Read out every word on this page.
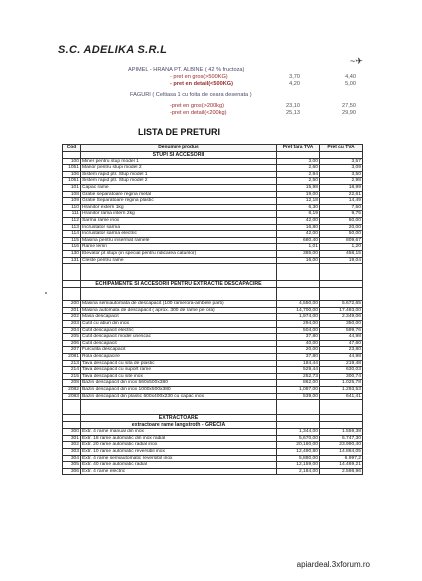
S.C. ADELIKA S.R.L
~✈
APIMEL - HRANA PT. ALBINE ( 42 % fructoza)
- pret en gros(>500KG)	3,70	4,40
- pret en detail(<500KG)	4,20	5,00
FAGURI ( Celtiasa 1 cu foita de ceara desenata )
-pret en gros(>200kg)	23,10	27,50
-pret en detail(<200kg)	25,13	29,90
LISTA DE PRETURI
Cod	Denumire produs	Pret fara TVA	Pret cu TVA
	STUPI SI ACCESORII		
100	Miner pentru stup model 1	3,00	3,57
1051	Manor pentru stupi model 2	2,60	3,09
106	Sistem rapid ptr. Stup model 1	2,94	3,50
1051	Sistem rapid ptr. Stup model 2	2,50	2,98
101	Capac rame	15,98	18,99
108	Gratie separatoare regina metal	19,00	22,61
109	Gratie Separatoare regina plastic	12,18	14,49
110	Hranitor extern 1kg	6,30	7,50
111	Hranitor rama intern 2kg	8,19	9,75
112	Sarma rame inox	42,00	50,00
113	Incrustator sarma	16,80	20,00
114	Incrustator sarma electric	42,00	50,00
115	Masina pentru insermat ramele	680,40	809,67
116	Rame lemn	1,01	1,20
130	Elevator pt stupi (in special pentru ridicarea caturilor)	385,00	458,15
131	Cleste pentru rame	16,00	19,04

	ECHIPAMENTE SI ACCESORII PENTRU EXTRACTIE DESCAPACIRE		

200	Masina semiautomata de descapacit (100 rame/ora-ambele parti)	4,550,00	5.672,65
201	Masina automata de descapacit ( aprox. 300 de rame pe ora)	14,700,00	17.493,00
202	Masa descapacit	1,974,00	2.349,06
203	Cutit cu aburi din inox	294,00	350,00
204	Cutit descapacit electric	504,00	599,76
205	Cutit descapacit model unescac	37,80	44,98
206	Cutit descapacit	40,00	47,60
207	Furculita descapacit	20,00	23,80
2081	Rola descapacire	37,80	44,98
213	Tava descapacit cu sita de plastic	184,44	219,48
214	Tava descapacit cu suport rame	529,44	630,03
215	Tava descapacit cu site inox	252,73	300,74
208	Bazin descapacit din inox 560x500x380	862,00	1.025,78
2082	Bazin descapacit din inox 1000x500x380	1,087,00	1.293,53
2083	Bazin descapacit din plastic 600x400x230 cu capac inox	539,00	641,41

	EXTRACTOARE		
	extractoare rame langstroth - GRECIA		
300	Extr. 4 rame manual din inox	1,344,00	1.559,38
301	Extr. 18 rame automatic din inox radial	5,670,00	6.747,30
302	Extr. 20 rame automatic radial inox	20,160,00	23.990,40
303	Extr. 10 rame automatic reversibil inox	12,490,80	14.864,05
304	Extr. 4 rame semiautomatic reversibil inox	5,880,00	6.997,2
305	Extr. 40 rame automatic radial	12,159,00	14.469,21
306	Extr. 4 rame electric	2,184,00	2.598,96
apiardeal.3xforum.ro
